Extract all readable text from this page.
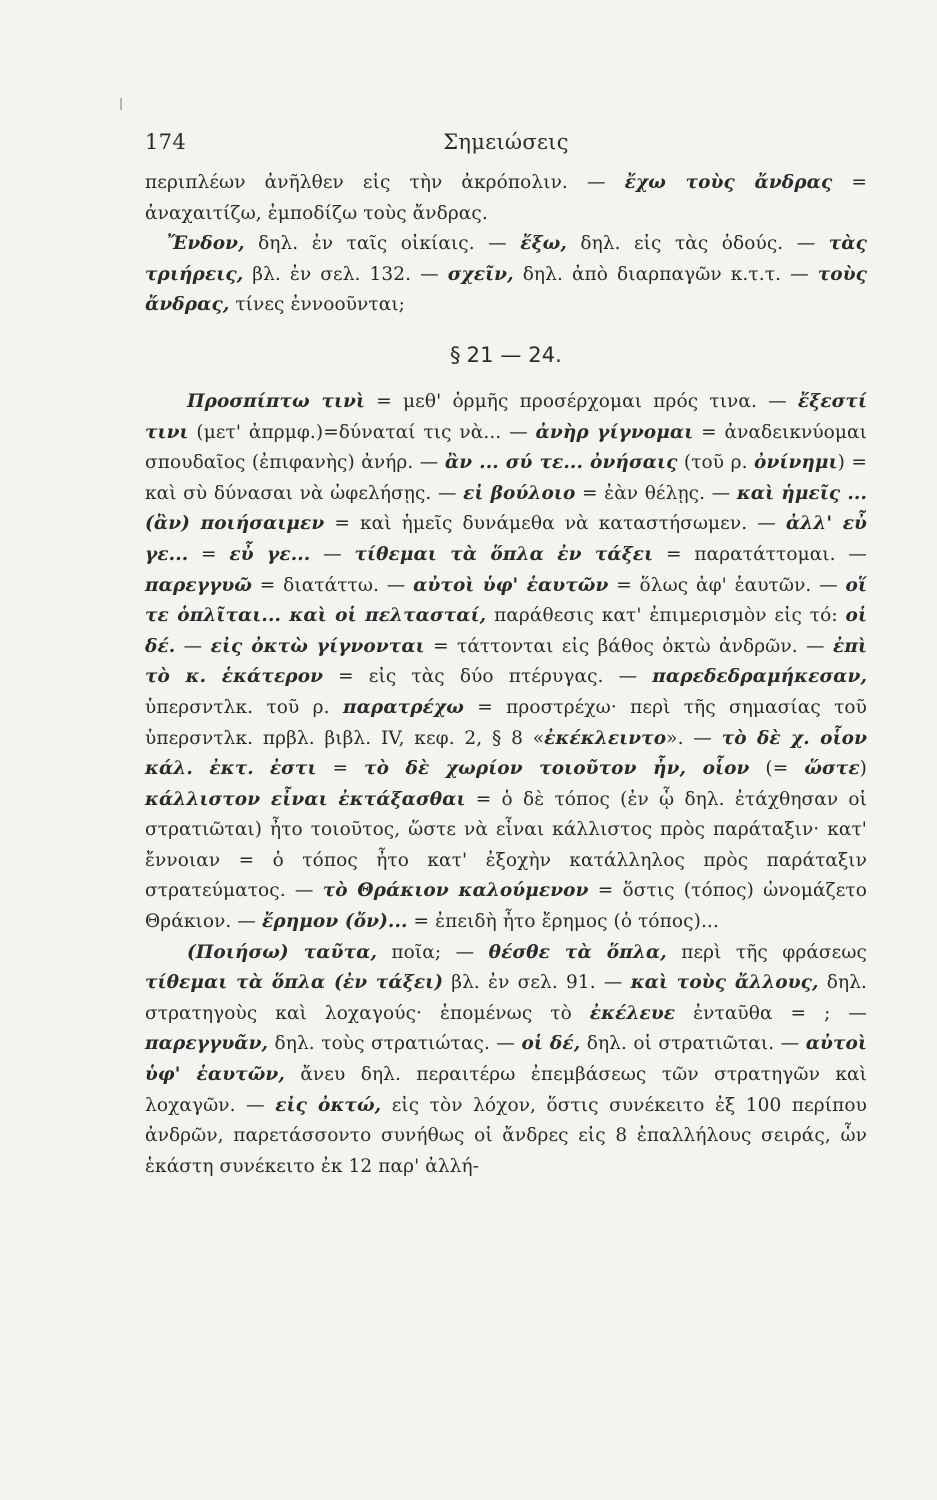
174	Σημειώσεις

περιπλέων ἀνῆλθεν εἰς τὴν ἀκρόπολιν. — ἔχω τοὺς ἄνδρας = ἀναχαιτίζω, ἐμποδίζω τοὺς ἄνδρας.

Ἔνδον, δηλ. ἐν ταῖς οἰκίαις. — ἔξω, δηλ. εἰς τὰς ὁδούς. — τὰς τριήρεις, βλ. ἐν σελ. 132. — σχεῖν, δηλ. ἀπὸ διαρπαγῶν κ.τ.τ. — τοὺς ἄνδρας, τίνες ἐννοοῦνται;

§ 21 — 24.

Προσπίπτω τινὶ = μεθ' ὁρμῆς προσέρχομαι πρός τινα. — ἔξεστί τινι (μετ' ἀπρμφ.)=δύναταί τις νὰ... — ἀνὴρ γίγνομαι = ἀναδεικνύομαι σπουδαῖος (ἐπιφανὴς) ἀνήρ. — ἂν ... σύ τε... ὀνήσαις (τοῦ ρ. ὀνίνημι) = καὶ σὺ δύνασαι νὰ ὠφελήσῃς. — εἰ βούλοιο = ἐὰν θέλῃς. — καὶ ἡμεῖς ... (ἂν) ποιήσαιμεν = καὶ ἡμεῖς δυνάμεθα νὰ καταστήσωμεν. — ἀλλ' εὖ γε... = εὖ γε... — τίθεμαι τὰ ὅπλα ἐν τάξει = παρατάττομαι. — παρεγγυῶ = διατάττω. — αὐτοὶ ὑφ' ἑαυτῶν = ὅλως ἀφ' ἑαυτῶν. — οἵ τε ὁπλῖται... καὶ οἱ πελτασταί, παράθεσις κατ' ἐπιμερισμὸν εἰς τό: οἱ δέ. — εἰς ὀκτὼ γίγνονται = τάττονται εἰς βάθος ὀκτὼ ἀνδρῶν. — ἐπὶ τὸ κ. ἑκάτερον = εἰς τὰς δύο πτέρυγας. — παρεδεδραμήκεσαν, ὑπερσντλκ. τοῦ ρ. παρατρέχω = προστρέχω· περὶ τῆς σημασίας τοῦ ὑπερσντλκ. πρβλ. βιβλ. IV, κεφ. 2, § 8 «ἐκέκλειντο». — τὸ δὲ χ. οἷον κάλ. ἐκτ. ἐστι = τὸ δὲ χωρίον τοιοῦτον ἦν, οἷον (= ὥστε) κάλλιστον εἶναι ἐκτάξασθαι = ὁ δὲ τόπος (ἐν ᾧ δηλ. ἐτάχθησαν οἱ στρατιῶται) ἦτο τοιοῦτος, ὥστε νὰ εἶναι κάλλιστος πρὸς παράταξιν· κατ' ἔννοιαν = ὁ τόπος ἦτο κατ' ἐξοχὴν κατάλληλος πρὸς παράταξιν στρατεύματος. — τὸ Θράκιον καλούμενον = ὅστις (τόπος) ὠνομάζετο Θράκιον. — ἔρημον (ὄν)... = ἐπειδὴ ἦτο ἔρημος (ὁ τόπος)...

(Ποιήσω) ταῦτα, ποῖα; — θέσθε τὰ ὅπλα, περὶ τῆς φράσεως τίθεμαι τὰ ὅπλα (ἐν τάξει) βλ. ἐν σελ. 91. — καὶ τοὺς ἄλλους, δηλ. στρατηγοὺς καὶ λοχαγούς· ἑπομένως τὸ ἐκέλευε ἐνταῦθα = ; — παρεγγυᾶν, δηλ. τοὺς στρατιώτας. — οἱ δέ, δηλ. οἱ στρατιῶται. — αὐτοὶ ὑφ' ἑαυτῶν, ἄνευ δηλ. περαιτέρω ἐπεμβάσεως τῶν στρατηγῶν καὶ λοχαγῶν. — εἰς ὀκτώ, εἰς τὸν λόχον, ὅστις συνέκειτο ἐξ 100 περίπου ἀνδρῶν, παρετάσσοντο συνήθως οἱ ἄνδρες εἰς 8 ἐπαλλήλους σειράς, ὧν ἑκάστη συνέκειτο ἐκ 12 παρ' ἀλλή-
